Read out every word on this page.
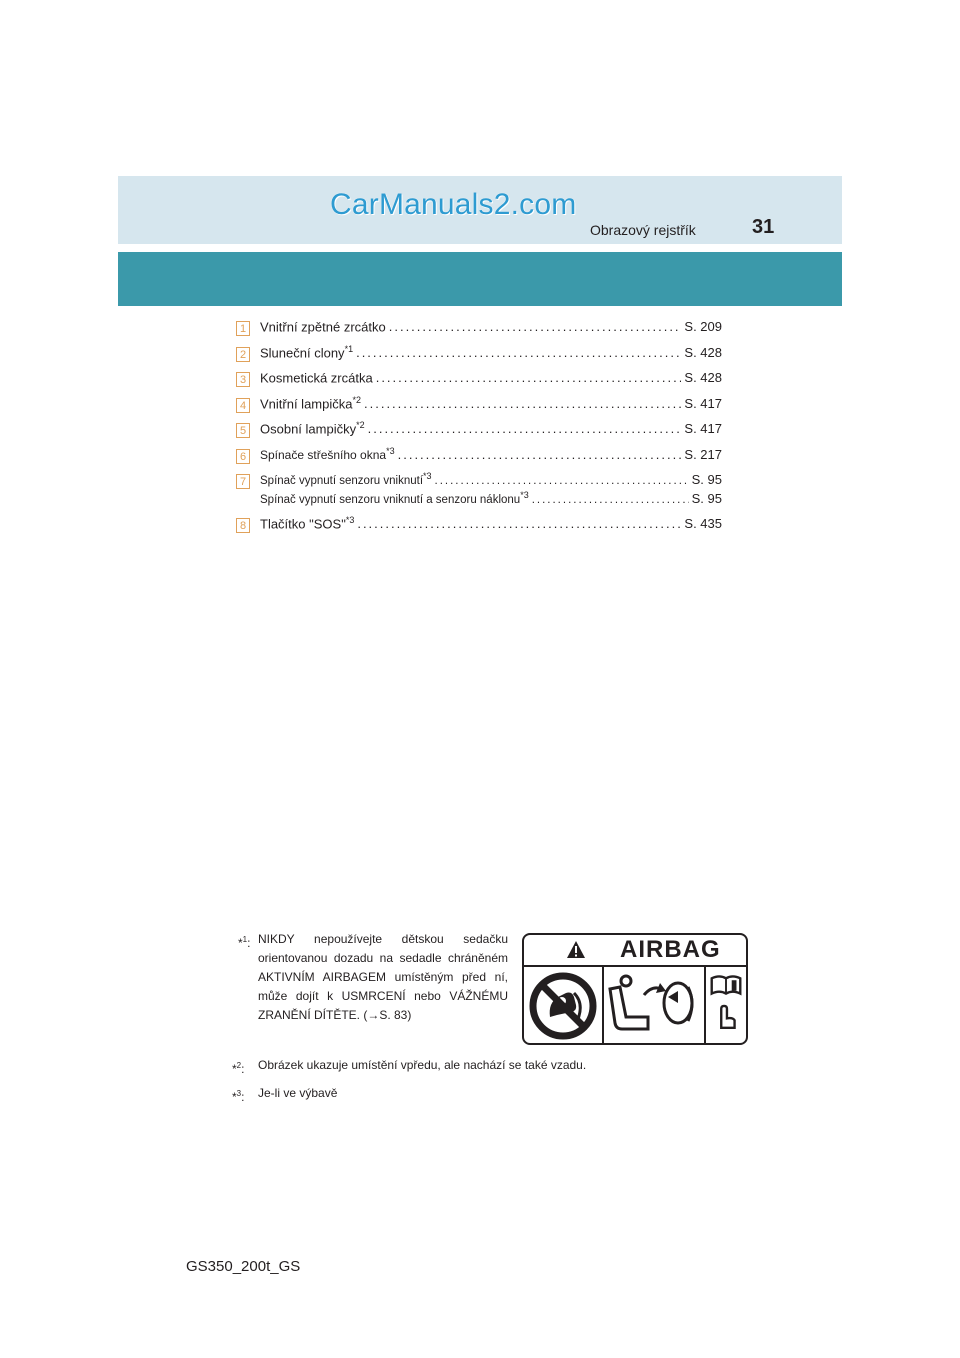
CarManuals2.com
Obrazový rejstřík	31
1	Vnitřní zpětné zrcátko .....	S. 209
2	Sluneční clony$^{*1}$ .....	S. 428
3	Kosmetická zrcátka .....	S. 428
4	Vnitřní lampička$^{*2}$ .....	S. 417
5	Osobní lampičky$^{*2}$ .....	S. 417
6	Spínače střešního okna$^{*3}$ .....	S. 217
7	Spínač vypnutí senzoru vniknutí$^{*3}$ .....	S. 95
Spínač vypnutí senzoru vniknutí a senzoru náklonu$^{*3}$ .....	S. 95
8	Tlačítko "SOS"$^{*3}$ .....	S. 435
*$^1$: NIKDY nepoužívejte dětskou sedačku orientovanou dozadu na sedadle chráněném AKTIVNÍM AIRBAGEM umístěným před ní, může dojít k USMRCENÍ nebo VÁŽNÉMU ZRANĚNÍ DÍTĚTE. (→S. 83)
*$^2$:	Obrázek ukazuje umístění vpředu, ale nachází se také vzadu.
*$^3$:	Je-li ve výbavě
AIRBAG
GS350_200t_GS
